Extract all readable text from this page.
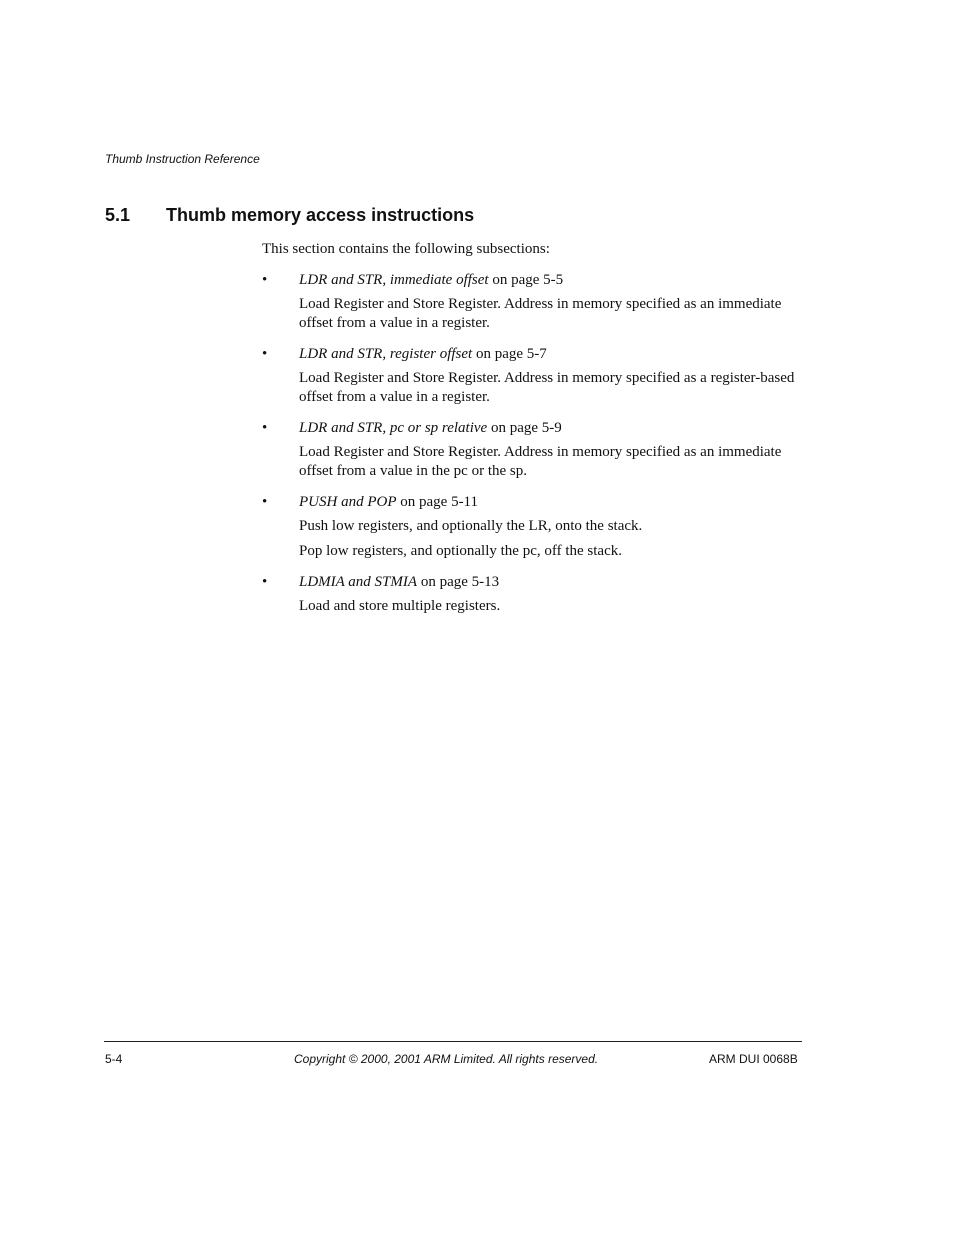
Thumb Instruction Reference
5.1 Thumb memory access instructions

This section contains the following subsections:

• LDR and STR, immediate offset on page 5-5

Load Register and Store Register. Address in memory specified as an immediate offset from a value in a register.

• LDR and STR, register offset on page 5-7

Load Register and Store Register. Address in memory specified as a register-based offset from a value in a register.

• LDR and STR, pc or sp relative on page 5-9

Load Register and Store Register. Address in memory specified as an immediate offset from a value in the pc or the sp.

• PUSH and POP on page 5-11

Push low registers, and optionally the LR, onto the stack.

Pop low registers, and optionally the pc, off the stack.

• LDMIA and STMIA on page 5-13

Load and store multiple registers.

5-4	Copyright © 2000, 2001 ARM Limited. All rights reserved.	ARM DUI 0068B
